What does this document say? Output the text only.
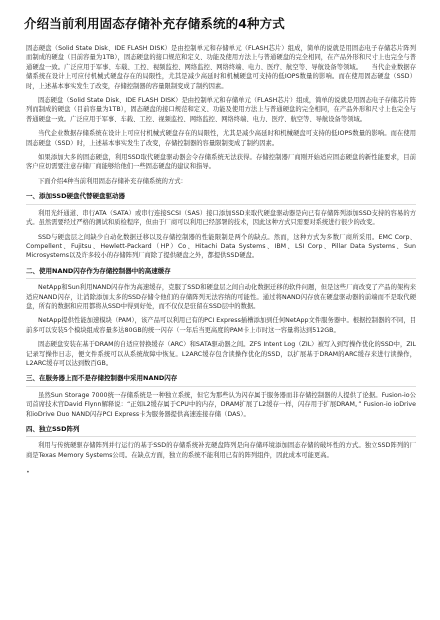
介绍当前利用固态存储补充存储系统的4种方式

固态硬盘（Solid State Disk、IDE FLASH DISK）是由控制单元和存储单元（FLASH芯片）组成，简单的说就是用固态电子存储芯片阵列而制成的硬盘（目前容量为1TB），固态硬盘的接口规范和定义、功能及使用方法上与普通硬盘的完全相同，在产品外形和尺寸上也完全与普通硬盘一致。广泛应用于军事、车载、工控、视频监控、网络监控、网络终端、电力、医疗、航空等、导航设备等领域。　　当代企业数据存储系统在设计上可应付机械式硬盘存在的局限性，尤其是减少高延时和机械硬盘可支持的低IOPS数量的影响。而在使用固态硬盘（SSD）时，上述基本事实发生了改变，存储控制器的容量限制变成了制约因素。

固态硬盘（Solid State Disk、IDE FLASH DISK）是由控制单元和存储单元（FLASH芯片）组成，简单的说就是用固态电子存储芯片阵列而制成的硬盘（目前容量为1TB），固态硬盘的接口规范和定义、功能及使用方法上与普通硬盘的完全相同，在产品外形和尺寸上也完全与普通硬盘一致。广泛应用于军事、车载、工控、视频监控、网络监控、网络终端、电力、医疗、航空等、导航设备等领域。

当代企业数据存储系统在设计上可应付机械式硬盘存在的局限性，尤其是减少高延时和机械硬盘可支持的低IOPS数量的影响。而在使用固态硬盘（SSD）时，上述基本事实发生了改变，存储控制器的容量限制变成了制约因素。

如果添加大多的固态硬盘，利用SSD取代硬盘驱动器会令存储系统无法获得。存储控制器厂商刚开始适应固态硬盘的新性能要求，目前客户应切需要注意存储厂商能够给他们一些固态硬盘的建议和指导。

下面介绍4种当前利用固态存储补充存储系统的方式：

一、添加SSD硬盘代替硬盘驱动器

利用光纤通道、串行ATA（SATA）或串行连接SCSI（SAS）接口添加SSD来取代硬盘驱动器是向已有存储阵列添加SSD支持的容易的方式。虽然需要经过严格的测试和质检程序，但由于厂商可以利用已经部署的技术，因此这种方式只需要对系统进行很少的改变。

SSD与硬盘层之间缺少自动化数据迁移以及存储控制器的性能限制是两个的缺点。然而，这种方式为多数厂商所采用。EMC Corp、Compellent、Fujitsu、Hewlett-Packard（HP）Co、Hitachi Data Systems、IBM、LSI Corp、Pillar Data Systems、Sun Microsystems以及许多较小的存储阵列厂商除了提供硬盘之外，都提供SSD硬盘。

二、使用NAND闪存作为存储控制器中的高速缓存

NetApp和Sun利用NAND闪存作为高速缓存，克服了SSD和硬盘层之间自动化数据迁移的软件问题，但是这些厂商改变了产品的架构来适应NAND闪存，让消除添加太多的SSD存储令他们的存储阵列无法容纳的可能性。通过将NAND闪存放在硬盘驱动器的前端而不是取代硬盘，所有的数据和应用都将从SSD中得到好处，而不仅仅是驻留在SSD层中的数据。

NetApp提供性能加速模块（PAM），该产品可以利用已有的PCI Express插槽添加到任何NetApp文件服务器中。根据控制器的不同，目前多可以安装5个模块组成容量多达80GB的统一闪存（一年后当更高度的PAM卡上市时这一容量将达到512GB。

固态硬盘安装在基于DRAM的自适应替换缓存（ARC）和SATA驱动器之间。ZFS Intent Log（ZIL）被写入到写操作优化的SSD中，ZIL记录写操作日志，便文件系统可以从系统故障中恢复。L2ARC缓存包含读操作优化的SSD，以扩展基于DRAM的ARC缓存来进行读操作，L2ARC缓存可以达到数百GB。

三、在服务器上而不是存储控制器中采用NAND闪存

虽然Sun Storage 7000统一存储系统是一种独立系统，但它为那些认为闪存属于服务器而非存储控制器的人提供了论据。Fusion-io公司首席技术官David Flynn解释说：“正如L2缓存属于CPU中的内存，DRAM扩展了L2缓存一样，闪存用于扩展DRAM。” Fusion-io ioDrive 和ioDrive Duo NAND闪存PCI Express卡为服务器提供高速连接存储（DAS）。

四、独立SSD阵列

利用与传统硬驱存储阵列并行运行的基于SSD的存储系统补充硬盘阵列是向存储环境添加固态存储的破坏性的方式。独立SSD阵列的厂商是Texas Memory Systems公司。在缺点方面，独立的系统不能利用已有的阵列组件，因此成本可能更高。

•
